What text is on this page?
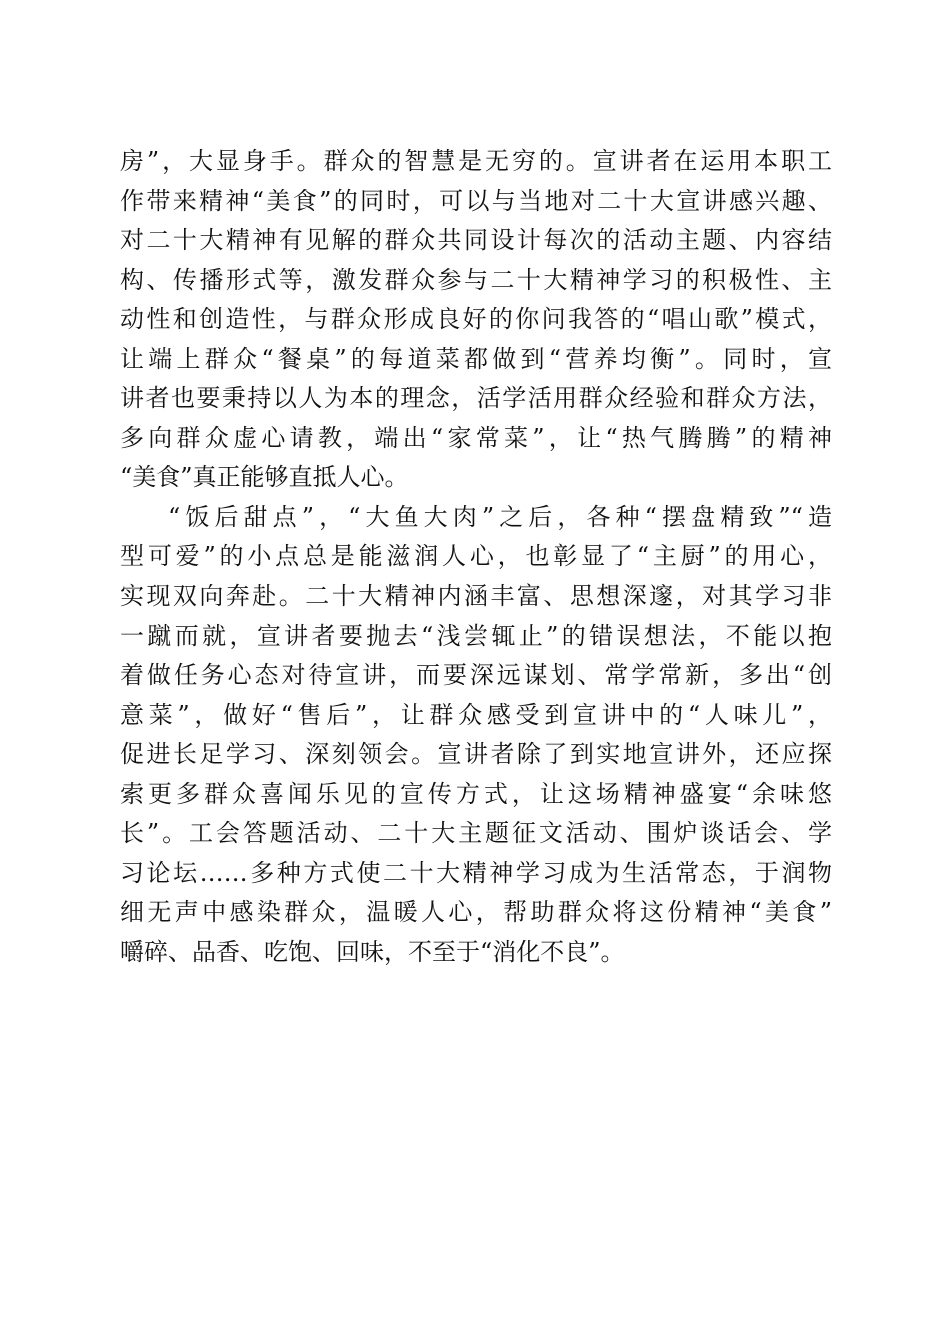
房”，大显身手。群众的智慧是无穷的。宣讲者在运用本职工
作带来精神“美食”的同时，可以与当地对二十大宣讲感兴趣、
对二十大精神有见解的群众共同设计每次的活动主题、内容结
构、传播形式等，激发群众参与二十大精神学习的积极性、主
动性和创造性，与群众形成良好的你问我答的“唱山歌”模式，
让端上群众“餐桌”的每道菜都做到“营养均衡”。同时，宣
讲者也要秉持以人为本的理念，活学活用群众经验和群众方法，
多向群众虚心请教，端出“家常菜”，让“热气腾腾”的精神
“美食”真正能够直抵人心。
“饭后甜点”，“大鱼大肉”之后，各种“摆盘精致”“造
型可爱”的小点总是能滋润人心，也彰显了“主厨”的用心，
实现双向奔赴。二十大精神内涵丰富、思想深邃，对其学习非
一蹴而就，宣讲者要抛去“浅尝辄止”的错误想法，不能以抱
着做任务心态对待宣讲，而要深远谋划、常学常新，多出“创
意菜”，做好“售后”，让群众感受到宣讲中的“人味儿”，
促进长足学习、深刻领会。宣讲者除了到实地宣讲外，还应探
索更多群众喜闻乐见的宣传方式，让这场精神盛宴“余味悠
长”。工会答题活动、二十大主题征文活动、围炉谈话会、学
习论坛……多种方式使二十大精神学习成为生活常态，于润物
细无声中感染群众，温暖人心，帮助群众将这份精神“美食”
嚼碎、品香、吃饱、回味，不至于“消化不良”。
